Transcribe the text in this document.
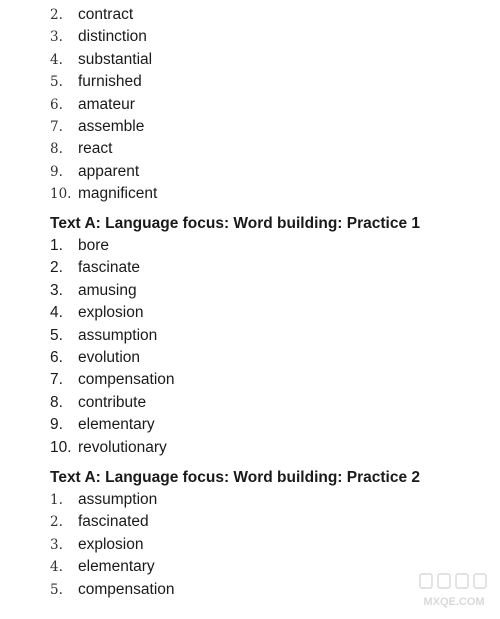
2. contract
3. distinction
4. substantial
5. furnished
6. amateur
7. assemble
8. react
9. apparent
10. magnificent
Text A: Language focus: Word building: Practice 1
1. bore
2. fascinate
3. amusing
4. explosion
5. assumption
6. evolution
7. compensation
8. contribute
9. elementary
10. revolutionary
Text A: Language focus: Word building: Practice 2
1. assumption
2. fascinated
3. explosion
4. elementary
5. compensation
MXQE.COM
